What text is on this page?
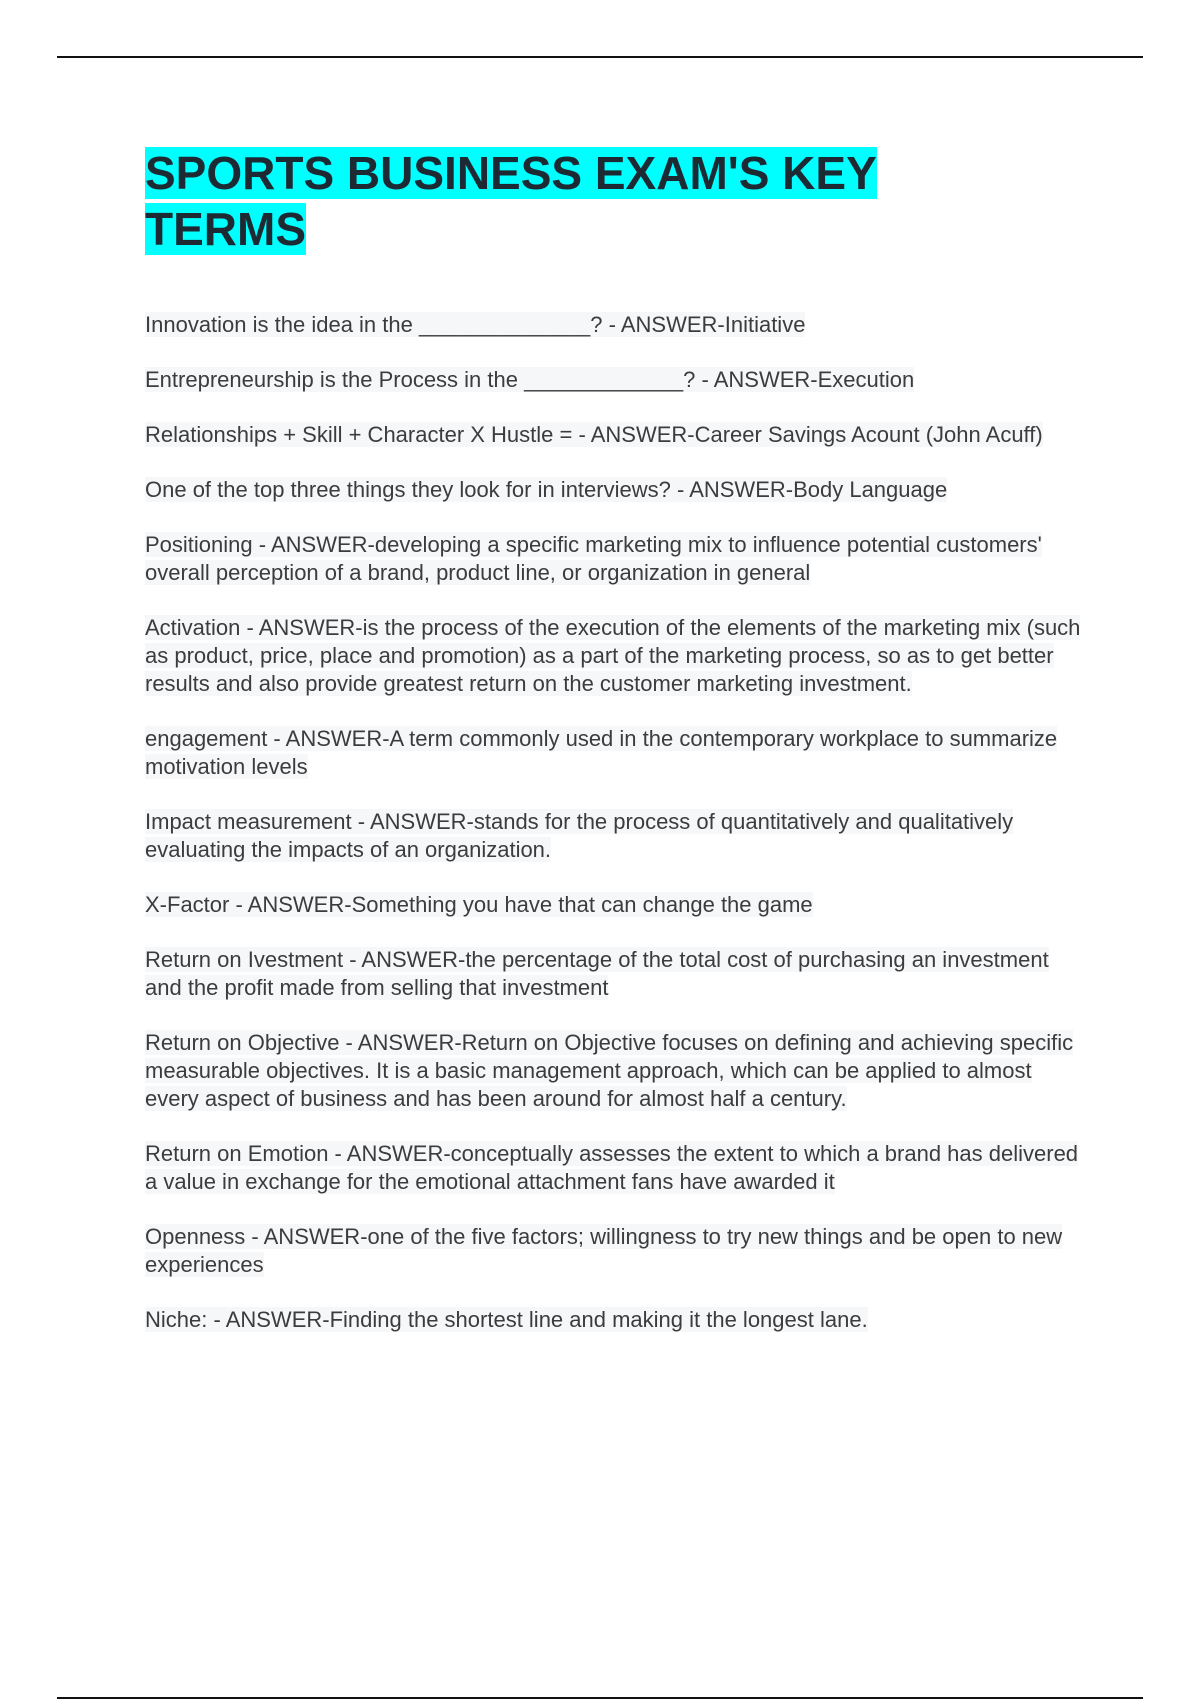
SPORTS BUSINESS EXAM'S KEY TERMS
Innovation is the idea in the ______________? - ANSWER-Initiative
Entrepreneurship is the Process in the _____________? - ANSWER-Execution
Relationships + Skill + Character X Hustle = - ANSWER-Career Savings Acount (John Acuff)
One of the top three things they look for in interviews? - ANSWER-Body Language
Positioning - ANSWER-developing a specific marketing mix to influence potential customers' overall perception of a brand, product line, or organization in general
Activation - ANSWER-is the process of the execution of the elements of the marketing mix (such as product, price, place and promotion) as a part of the marketing process, so as to get better results and also provide greatest return on the customer marketing investment.
engagement - ANSWER-A term commonly used in the contemporary workplace to summarize motivation levels
Impact measurement - ANSWER-stands for the process of quantitatively and qualitatively evaluating the impacts of an organization.
X-Factor - ANSWER-Something you have that can change the game
Return on Ivestment - ANSWER-the percentage of the total cost of purchasing an investment and the profit made from selling that investment
Return on Objective - ANSWER-Return on Objective focuses on defining and achieving specific measurable objectives. It is a basic management approach, which can be applied to almost every aspect of business and has been around for almost half a century.
Return on Emotion - ANSWER-conceptually assesses the extent to which a brand has delivered a value in exchange for the emotional attachment fans have awarded it
Openness - ANSWER-one of the five factors; willingness to try new things and be open to new experiences
Niche: - ANSWER-Finding the shortest line and making it the longest lane.
